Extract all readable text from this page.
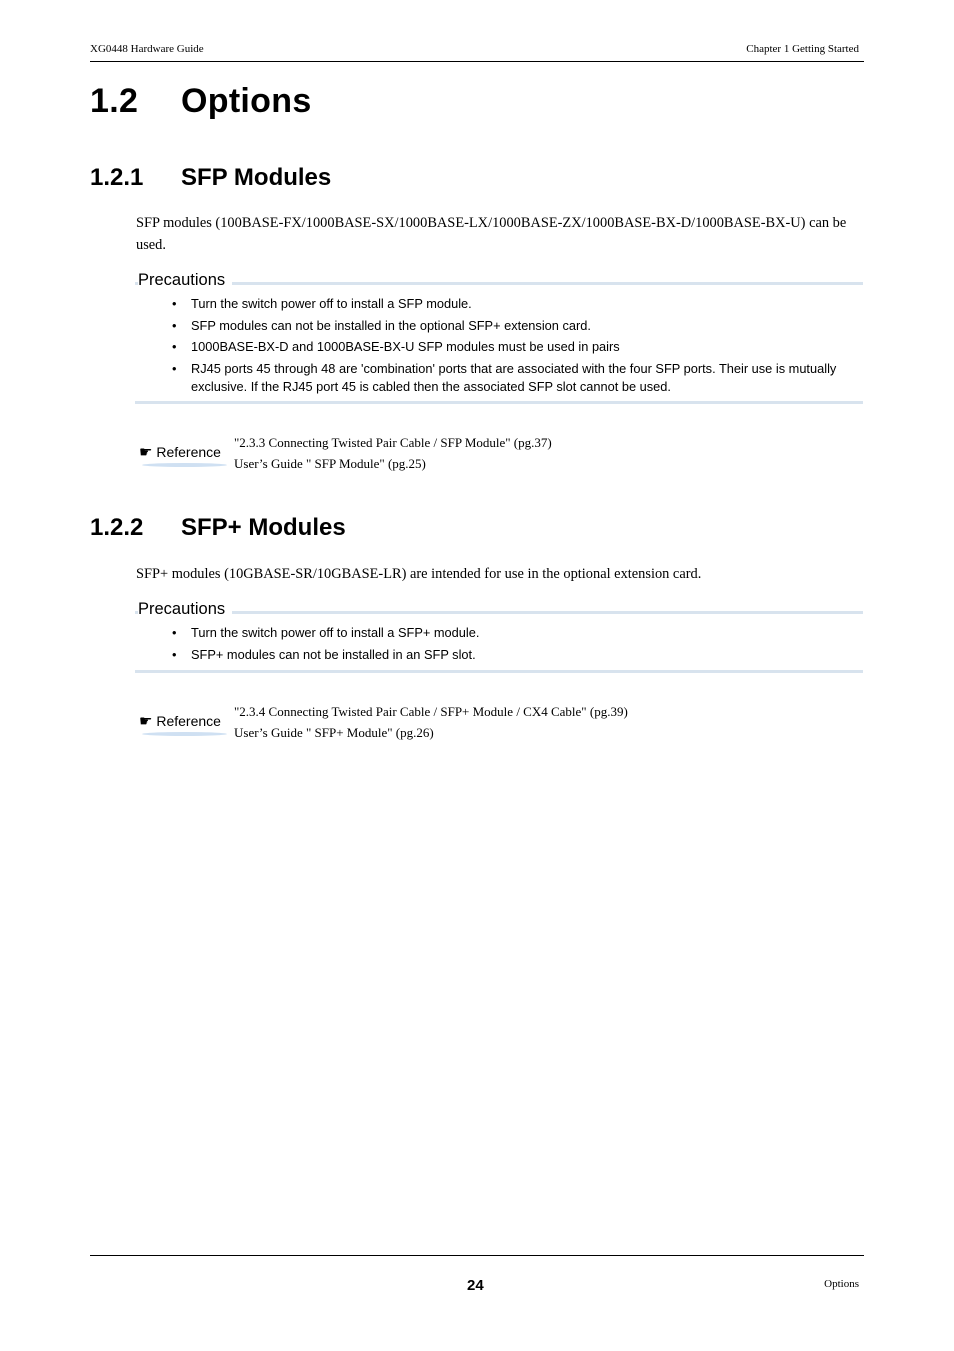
XG0448 Hardware Guide	Chapter 1 Getting Started
1.2 Options
1.2.1 SFP Modules

SFP modules (100BASE-FX/1000BASE-SX/1000BASE-LX/1000BASE-ZX/1000BASE-BX-D/1000BASE-BX-U) can be used.

Precautions
• Turn the switch power off to install a SFP module.
• SFP modules can not be installed in the optional SFP+ extension card.
• 1000BASE-BX-D and 1000BASE-BX-U SFP modules must be used in pairs
• RJ45 ports 45 through 48 are 'combination' ports that are associated with the four SFP ports. Their use is mutually exclusive. If the RJ45 port 45 is cabled then the associated SFP slot cannot be used.
☛ Reference
"2.3.3 Connecting Twisted Pair Cable / SFP Module" (pg.37)
User’s Guide " SFP Module" (pg.25)
1.2.2 SFP+ Modules

SFP+ modules (10GBASE-SR/10GBASE-LR) are intended for use in the optional extension card.

Precautions
• Turn the switch power off to install a SFP+ module.
• SFP+ modules can not be installed in an SFP slot.
☛ Reference
"2.3.4 Connecting Twisted Pair Cable / SFP+ Module / CX4 Cable" (pg.39)
User’s Guide " SFP+ Module" (pg.26)
24	Options
